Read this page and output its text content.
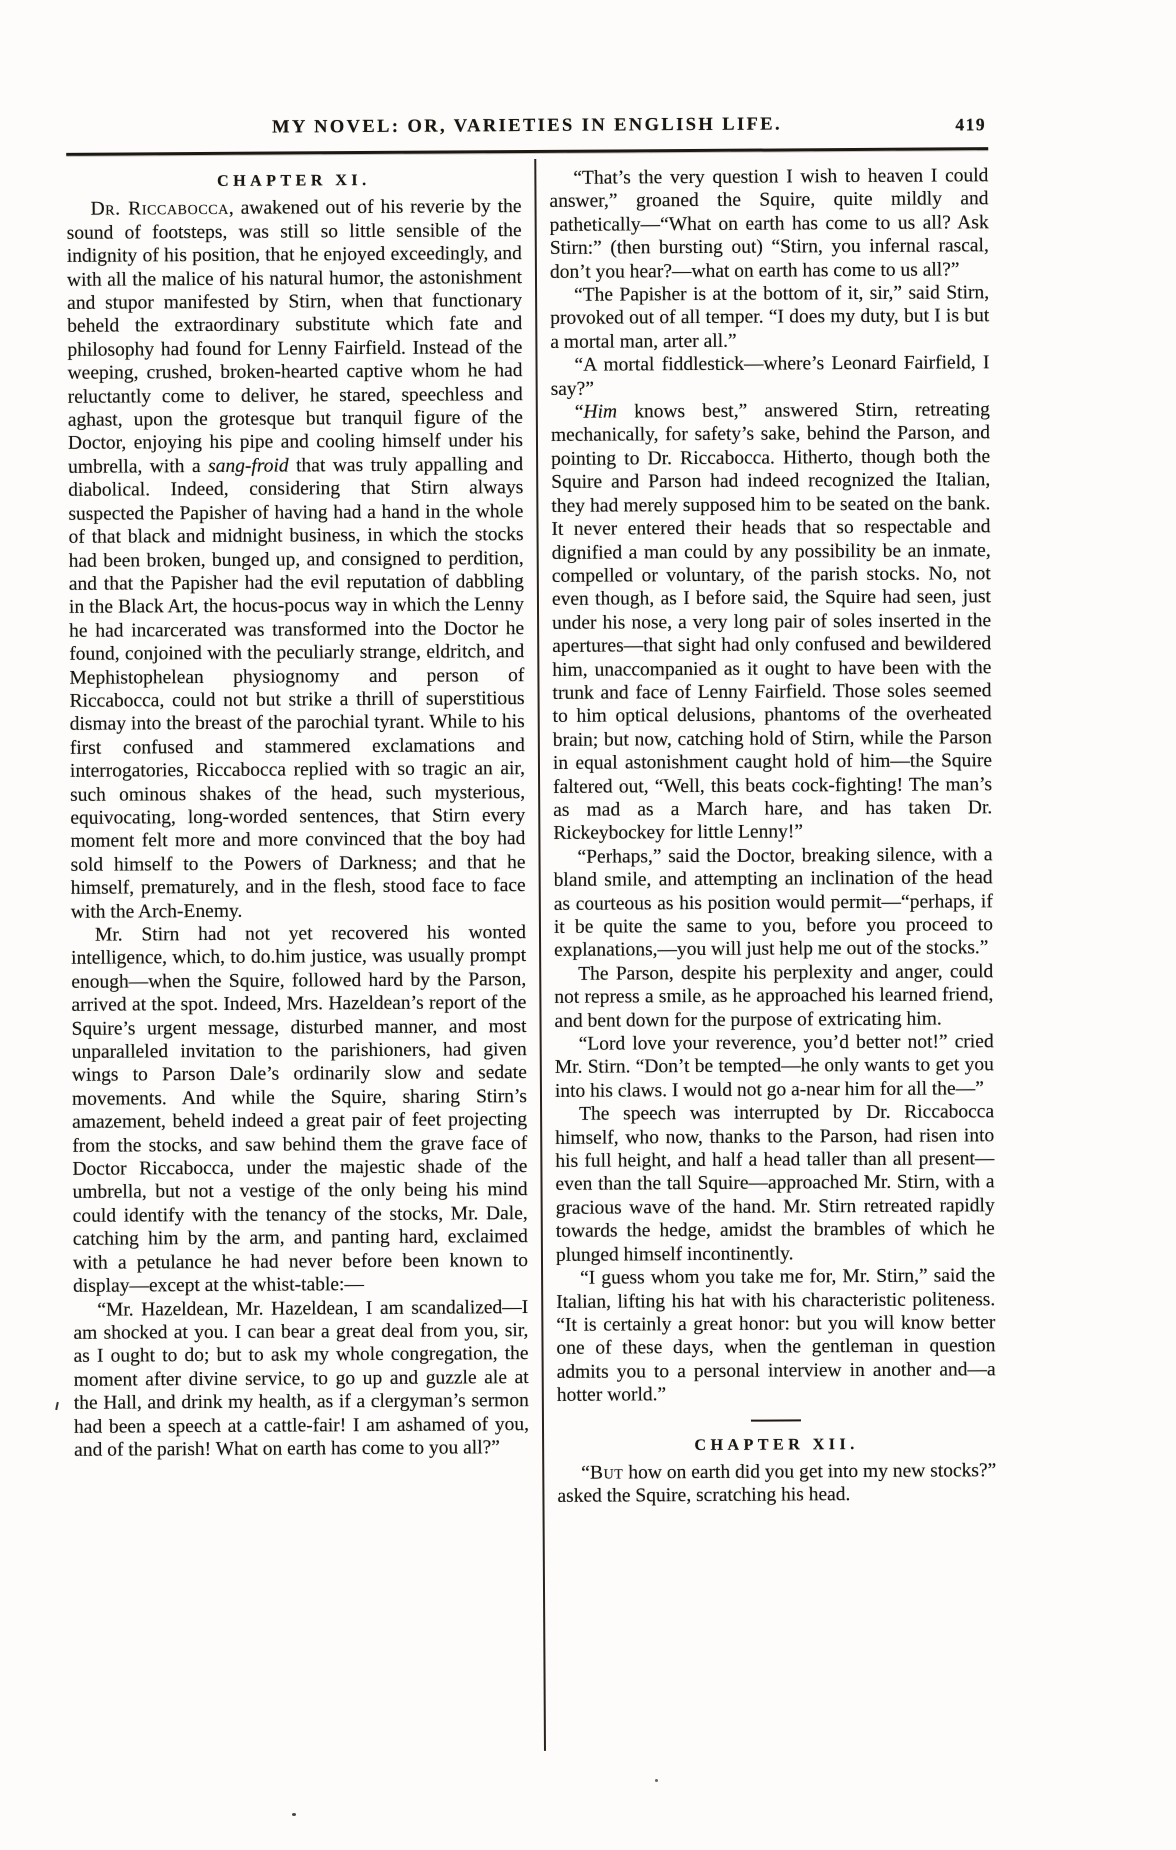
MY NOVEL: OR, VARIETIES IN ENGLISH LIFE.	419
CHAPTER XI.

Dr. Riccabocca, awakened out of his reverie by the sound of footsteps, was still so little sensible of the indignity of his position, that he enjoyed exceedingly, and with all the malice of his natural humor, the astonishment and stupor manifested by Stirn, when that functionary beheld the extraordinary substitute which fate and philosophy had found for Lenny Fairfield. Instead of the weeping, crushed, broken-hearted captive whom he had reluctantly come to deliver, he stared, speechless and aghast, upon the grotesque but tranquil figure of the Doctor, enjoying his pipe and cooling himself under his umbrella, with a sang-froid that was truly appalling and diabolical. Indeed, considering that Stirn always suspected the Papisher of having had a hand in the whole of that black and midnight business, in which the stocks had been broken, bunged up, and consigned to perdition, and that the Papisher had the evil reputation of dabbling in the Black Art, the hocus-pocus way in which the Lenny he had incarcerated was transformed into the Doctor he found, conjoined with the peculiarly strange, eldritch, and Mephistophelean physiognomy and person of Riccabocca, could not but strike a thrill of superstitious dismay into the breast of the parochial tyrant. While to his first confused and stammered exclamations and interrogatories, Riccabocca replied with so tragic an air, such ominous shakes of the head, such mysterious, equivocating, long-worded sentences, that Stirn every moment felt more and more convinced that the boy had sold himself to the Powers of Darkness; and that he himself, prematurely, and in the flesh, stood face to face with the Arch-Enemy.

Mr. Stirn had not yet recovered his wonted intelligence, which, to do.him justice, was usually prompt enough—when the Squire, followed hard by the Parson, arrived at the spot. Indeed, Mrs. Hazeldean’s report of the Squire’s urgent message, disturbed manner, and most unparalleled invitation to the parishioners, had given wings to Parson Dale’s ordinarily slow and sedate movements. And while the Squire, sharing Stirn’s amazement, beheld indeed a great pair of feet projecting from the stocks, and saw behind them the grave face of Doctor Riccabocca, under the majestic shade of the umbrella, but not a vestige of the only being his mind could identify with the tenancy of the stocks, Mr. Dale, catching him by the arm, and panting hard, exclaimed with a petulance he had never before been known to display—except at the whist-table:—

“Mr. Hazeldean, Mr. Hazeldean, I am scandalized—I am shocked at you. I can bear a great deal from you, sir, as I ought to do; but to ask my whole congregation, the moment after divine service, to go up and guzzle ale at the Hall, and drink my health, as if a clergyman’s sermon had been a speech at a cattle-fair! I am ashamed of you, and of the parish! What on earth has come to you all?”

“That’s the very question I wish to heaven I could answer,” groaned the Squire, quite mildly and pathetically—“What on earth has come to us all? Ask Stirn:” (then bursting out) “Stirn, you infernal rascal, don’t you hear?—what on earth has come to us all?”

“The Papisher is at the bottom of it, sir,” said Stirn, provoked out of all temper. “I does my duty, but I is but a mortal man, arter all.”

“A mortal fiddlestick—where’s Leonard Fairfield, I say?”

“Him knows best,” answered Stirn, retreating mechanically, for safety’s sake, behind the Parson, and pointing to Dr. Riccabocca. Hitherto, though both the Squire and Parson had indeed recognized the Italian, they had merely supposed him to be seated on the bank. It never entered their heads that so respectable and dignified a man could by any possibility be an inmate, compelled or voluntary, of the parish stocks. No, not even though, as I before said, the Squire had seen, just under his nose, a very long pair of soles inserted in the apertures—that sight had only confused and bewildered him, unaccompanied as it ought to have been with the trunk and face of Lenny Fairfield. Those soles seemed to him optical delusions, phantoms of the overheated brain; but now, catching hold of Stirn, while the Parson in equal astonishment caught hold of him—the Squire faltered out, “Well, this beats cock-fighting! The man’s as mad as a March hare, and has taken Dr. Rickeybockey for little Lenny!”

“Perhaps,” said the Doctor, breaking silence, with a bland smile, and attempting an inclination of the head as courteous as his position would permit—“perhaps, if it be quite the same to you, before you proceed to explanations,—you will just help me out of the stocks.”

The Parson, despite his perplexity and anger, could not repress a smile, as he approached his learned friend, and bent down for the purpose of extricating him.

“Lord love your reverence, you’d better not!” cried Mr. Stirn. “Don’t be tempted—he only wants to get you into his claws. I would not go a-near him for all the—”

The speech was interrupted by Dr. Riccabocca himself, who now, thanks to the Parson, had risen into his full height, and half a head taller than all present—even than the tall Squire—approached Mr. Stirn, with a gracious wave of the hand. Mr. Stirn retreated rapidly towards the hedge, amidst the brambles of which he plunged himself incontinently.

“I guess whom you take me for, Mr. Stirn,” said the Italian, lifting his hat with his characteristic politeness. “It is certainly a great honor: but you will know better one of these days, when the gentleman in question admits you to a personal interview in another and—a hotter world.”

CHAPTER XII.

“But how on earth did you get into my new stocks?” asked the Squire, scratching his head.
